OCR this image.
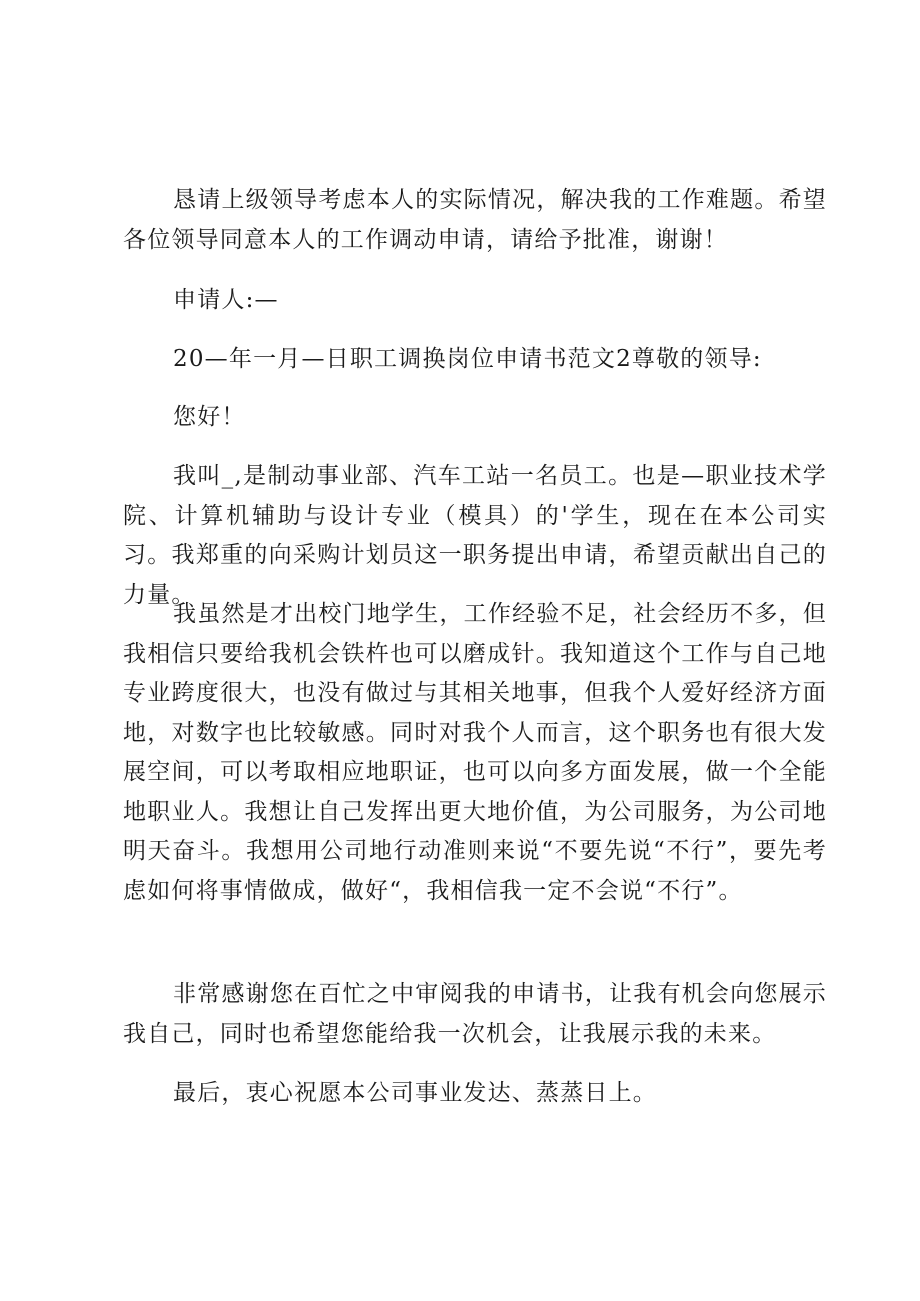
恳请上级领导考虑本人的实际情况，解决我的工作难题。希望各位领导同意本人的工作调动申请，请给予批准，谢谢！

申请人:—

20—年一月—日职工调换岗位申请书范文2尊敬的领导:

您好！

我叫_,是制动事业部、汽车工站一名员工。也是—职业技术学院、计算机辅助与设计专业（模具）的'学生，现在在本公司实习。我郑重的向采购计划员这一职务提出申请，希望贡献出自己的力量。

我虽然是才出校门地学生，工作经验不足，社会经历不多，但我相信只要给我机会铁杵也可以磨成针。我知道这个工作与自己地专业跨度很大，也没有做过与其相关地事，但我个人爱好经济方面地，对数字也比较敏感。同时对我个人而言，这个职务也有很大发展空间，可以考取相应地职证，也可以向多方面发展，做一个全能地职业人。我想让自己发挥出更大地价值，为公司服务，为公司地明天奋斗。我想用公司地行动准则来说“不要先说“不行”，要先考虑如何将事情做成，做好“，我相信我一定不会说“不行”。

非常感谢您在百忙之中审阅我的申请书，让我有机会向您展示我自己，同时也希望您能给我一次机会，让我展示我的未来。

最后，衷心祝愿本公司事业发达、蒸蒸日上。
